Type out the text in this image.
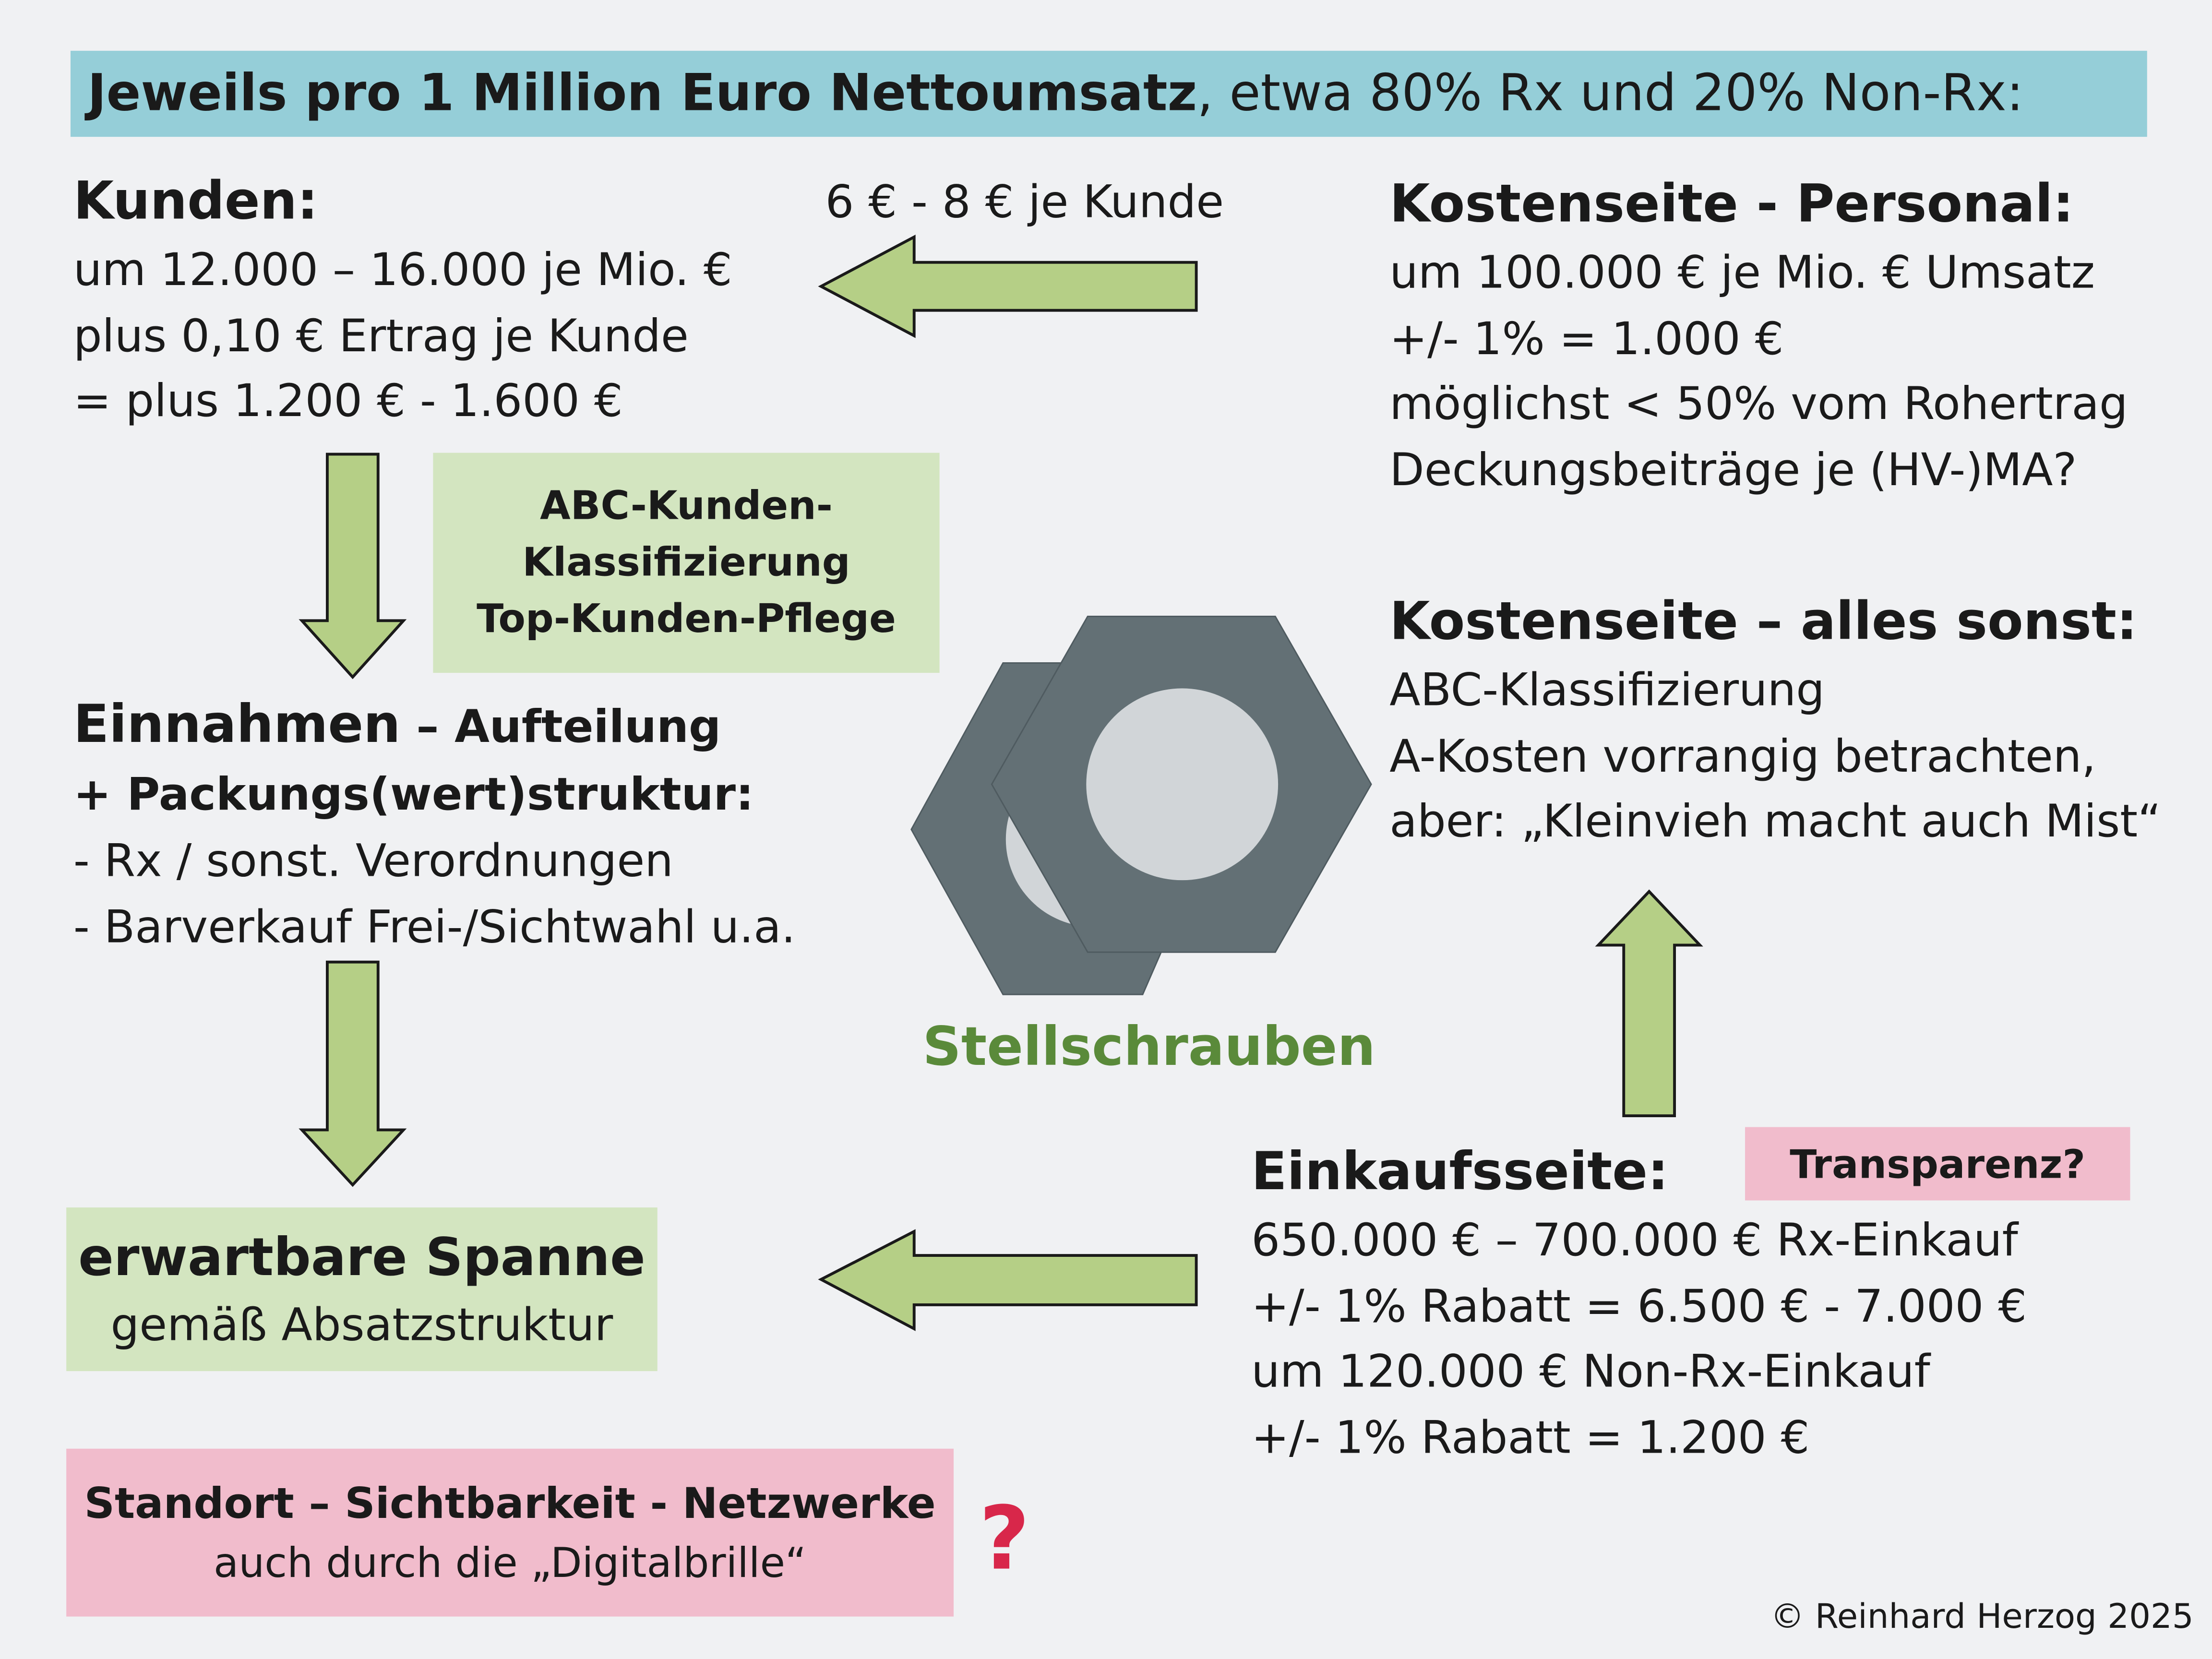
Jeweils pro 1 Million Euro Nettoumsatz, etwa 80% Rx und 20% Non-Rx:
Kunden:
um 12.000 – 16.000 je Mio. €
plus 0,10 € Ertrag je Kunde
= plus 1.200 € - 1.600 €
6 € - 8 € je Kunde	Kostenseite - Personal:
um 100.000 € je Mio. € Umsatz
+/- 1% = 1.000 €
möglichst < 50% vom Rohertrag
Deckungsbeiträge je (HV-)MA?
ABC-Kunden-
Klassifizierung
Top-Kunden-Pflege
Einnahmen – Aufteilung
+ Packungs(wert)struktur:
- Rx / sonst. Verordnungen
- Barverkauf Frei-/Sichtwahl u.a.
Kostenseite – alles sonst:
ABC-Klassifizierung
A-Kosten vorrangig betrachten,
aber: „Kleinvieh macht auch Mist“
Stellschrauben
erwartbare Spanne
gemäß Absatzstruktur
Einkaufsseite:
650.000 € – 700.000 € Rx-Einkauf
+/- 1% Rabatt = 6.500 € - 7.000 €
um 120.000 € Non-Rx-Einkauf
+/- 1% Rabatt = 1.200 €
Transparenz?
Standort – Sichtbarkeit - Netzwerke
auch durch die „Digitalbrille“	?
© Reinhard Herzog 2025
